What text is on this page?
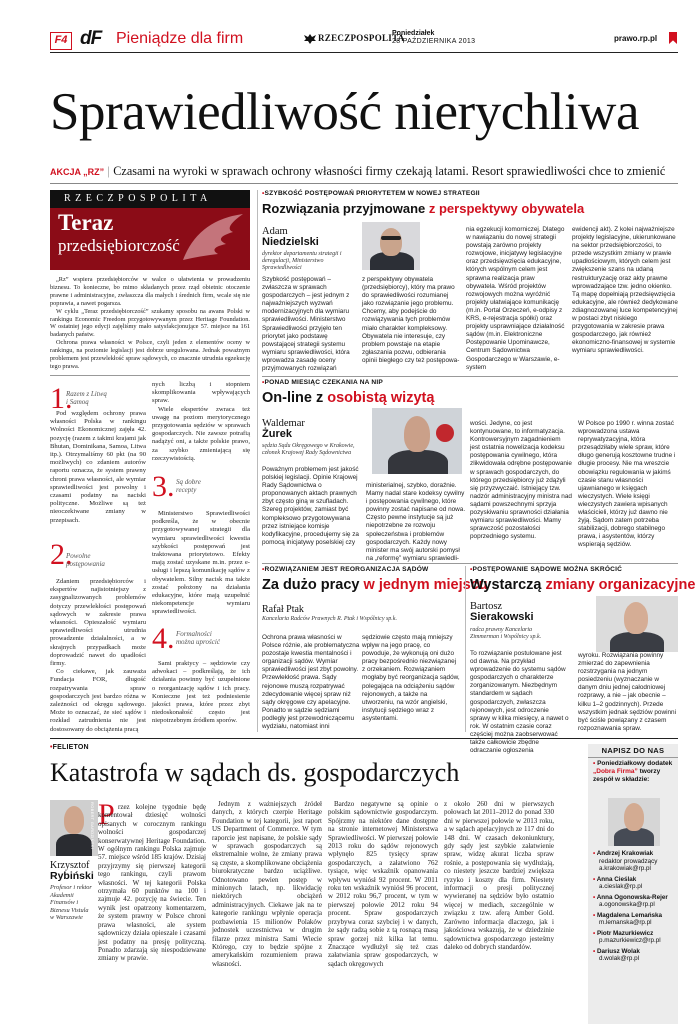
F4 dF Pieniądze dla firm	RZECZPOSPOLITA
Poniedziałek
28 PAŹDZIERNIKA 2013	prawo.rp.pl
Sprawiedliwość nierychliwa
AKCJA „RZ” | Czasami na wyroki w sprawach ochrony własności firmy czekają latami. Resort sprawiedliwości chce to zmienić
RZECZPOSPOLITA
Teraz
przedsiębiorczość

„Rz” wspiera przedsiębiorców w walce o ułatwienia w prowadzeniu biznesu. To konieczne, bo mimo składanych przez rząd obietnic otoczenie prawne i administracyjne, zwłaszcza dla małych i średnich firm, wcale się nie poprawia, a nawet pogarsza.

W cyklu „Teraz przedsiębiorczość” szukamy sposobu na awans Polski w rankingu Economic Freedom przygotowywanym przez Heritage Foundation. W ostatniej jego edycji zajęliśmy mało satysfakcjonujące 57. miejsce na 161 badanych państw.

Ochrona prawa własności w Polsce, czyli jeden z elementów oceny w rankingu, na poziomie legislacji jest dobrze uregulowana. Jednak poważnym problemem jest przewlekłość spraw sądowych, co znacznie utrudnia egzekucję tego prawa.

1.
Razem z Litwą i Samoą
Pod względem ochrony prawa własności Polska w rankingu Wolności Ekonomicznej zajęła 42. pozycję (razem z takimi krajami jak Bhutan, Dominikana, Samoa, Litwa itp.). Otrzymaliśmy 60 pkt (na 90 możliwych) co zdaniem autorów raportu oznacza, że system prawny chroni prawa własności, ale wymiar sprawiedliwości jest powolny i czasami podatny na naciski polityczne. Możliwe są też nieoczekiwane zmiany w przepisach.
2.
Powolne postępowania

Zdaniem przedsiębiorców i ekspertów najistotniejszy z zasygnalizowanych problemów dotyczy przewlekłości postępowań sądowych w zakresie prawa własności. Opieszałość wymiaru sprawiedliwości utrudnia prowadzenie działalności, a w skrajnych przypadkach może doprowadzić nawet do upadłości firmy.

Co ciekawe, jak zauważa Fundacja FOR, długość rozpatrywania spraw gospodarczych jest bardzo różna w zależności od okręgu sądowego. Może to oznaczać, że sieć sądów i rozkład zatrudnienia nie jest dostosowany do obciążenia pracą

nych liczbą i stopniem skomplikowania wpływających spraw.

Wiele ekspertów zwraca też uwagę na poziom merytorycznego przygotowania sędziów w sprawach gospodarczych. Nie zawsze potrafią nadążyć oni, a także polskie prawo, za szybko zmieniającą się rzeczywistością.

3. Są dobre recepty
Ministerstwo Sprawiedliwości podkreśla, że w obecnie przygotowywanej strategii dla wymiaru sprawiedliwości kwestia szybkości postępowań jest traktowana priorytetowo. Efekty mają zostać uzyskane m.in. przez e-usługi i lepszą komunikację sądów z obywatelem. Silny nacisk ma także zostać położony na działania edukacyjne, które mają uzupełnić niekompetencje wymiaru sprawiedliwości.
4. Formalności można uprościć
Sami praktycy – sędziowie czy adwokaci – podkreślają, że ich działania powinny być uzupełnione o reorganizację sądów i ich pracy. Konieczne jest też podniesienie jakości prawa, które przez zbyt niedoskonałość często jest niepotrzebnym źródłem sporów.
•SZYBKOŚĆ POSTĘPOWAŃ PRIORYTETEM W NOWEJ STRATEGII
Rozwiązania przyjmowane z perspektywy obywatela
Adam
Niedzielski
dyrektor departamentu strategii i deregulacji, Ministerstwo Sprawiedliwości
Szybkość postępowań – zwłaszcza w sprawach gospodarczych – jest jednym z najważniejszych wyzwań modernizacyjnych dla wymiaru sprawiedliwości. Ministerstwo Sprawiedliwości przyjęło ten priorytet jako podstawę powstającej strategii systemu wymiaru sprawiedliwości, która wprowadza zasadę oceny przyjmowanych rozwiązań
z perspektywy obywatela (przedsiębiorcy), który ma prawo do sprawiedliwości rozumianej jako rozwiązanie jego problemu. Chcemy, aby podejście do rozwiązywania tych problemów miało charakter kompleksowy. Obywatela nie interesuje, czy problem powstaje na etapie zgłaszania pozwu, odbierania opinii biegłego czy też postępowa-
nia egzekucji komorniczej. Dlatego w nawiązaniu do nowej strategii powstają zarówno projekty rozwojowe, inicjatywy legislacyjne oraz przedsięwzięcia edukacyjne, których wspólnym celem jest sprawna realizacja praw obywatela. Wśród projektów rozwojowych można wyróżnić projekty ułatwiające komunikację (m.in. Portal Orzeczeń, e-odpisy z KRS, e-rejestracja spółki) oraz projekty usprawniające działalność sądów (m.in. Elektroniczne Postępowanie Upominawcze, Centrum Sądownictwa Gospodarczego w Warszawie, e-system
ewidencji akt). Z kolei najważniejsze projekty legislacyjne, ukierunkowane na sektor przedsiębiorczości, to przede wszystkim zmiany w prawie upadłościowym, których celem jest zwiększenie szans na udaną restrukturyzację oraz akty prawne wprowadzające tzw. jedno okienko. Tą mapę dopełniają przedsięwzięcia edukacyjne, ale również dedykowane zdiagnozowanej luce kompetencyjnej w postaci zbyt niskiego przygotowania w zakresie prawa gospodarczego, jak również ekonomiczno-finansowej w systemie wymiaru sprawiedliwości.
•PONAD MIESIĄC CZEKANIA NA NIP
On-line z osobistą wizytą
Waldemar
Żurek
sędzia Sądu Okręgowego w Krakowie, członek Krajowej Rady Sądownictwa
Poważnym problemem jest jakość polskiej legislacji. Opinie Krajowej Rady Sądownictwa o proponowanych aktach prawnych zbyt często giną w szufladach. Szereg projektów, zamiast być kompleksowo przygotowywana przez istniejące komisje kodyfikacyjne, procedujemy się za pomocą inicjatywy poselskiej czy
ministerialnej, szybko, doraźnie. Mamy nadal stare kodeksy cywilny i postępowania cywilnego, które powinny zostać napisane od nowa. Często pewne instytucje są już niepotrzebne ze rozwoju społeczeństwa i problemów gospodarczych. Każdy nowy minister ma swój autorski pomysł na „reformę” wymiaru sprawiedli-
wości. Jedyne, co jest kontynuowane, to informatyzacja. Kontrowersyjnym zagadnieniem jest ostatnia nowelizacja kodeksu postępowania cywilnego, która zlikwidowała odrębne postępowanie w sprawach gospodarczych, do którego przedsiębiorcy już zdążyli się przyzwyczaić. Istniejący tzw. nadzór administracyjny ministra nad sądami powszechnymi sprzyja pozyskiwaniu sprawności działania wymiaru sprawiedliwości. Mamy sprawczość pozostałości poprzedniego systemu.
W Polsce po 1990 r. winna zostać wprowadzona ustawa reprywatyzacyjna, która przesądziłaby wiele spraw, które długo generują kosztowne trudne i długie procesy. Nie ma wreszcie obowiązku regulowania w jakimś czasie stanu własności ujawnianego w księgach wieczystych. Wiele księgi wieczystych zawiera wpisanych właścicieli, którzy już dawno nie żyją. Sądom zatem potrzeba stabilizacji, dobrego stabilnego prawa, i asystentów, którzy wspierają sędziów.
•ROZWIĄZANIEM JEST REORGANIZACJA SĄDÓW
Za dużo pracy w jednym miejscu
Rafał Ptak
Kancelaria Radców Prawnych R. Ptak i Wspólnicy sp.k.
Ochrona prawa własności w Polsce różnie, ale problematyczna pozostaje kwestia mentalności i organizacji sądów. Wymiar sprawiedliwości jest zbyt powolny. Przewlekłość prawa. Sądy rejonowe muszą rozpatrywać zdecydowanie więcej spraw niż sądy okręgowe czy apelacyjne. Ponadto w sądzie sędziami podległy jest przewodniczącemu wydziału, natomiast inni
sędziowie często mają mniejszy wpływ na jego pracę, co powoduje, że wykonują oni dużo pracy bezpośrednio niezwiązanej z orzekaniem. Rozwiązaniem mogłaby być reorganizacja sądów, polegająca na odciążeniu sądów rejonowych, a także na utworzeniu, na wzór angielski, instytucji sędziego wraz z asystentami.
•POSTĘPOWANIE SĄDOWE MOŻNA SKRÓCIĆ
Wystarczą zmiany organizacyjne
Bartosz
Sierakowski
radca prawny Kancelaria Zimmerman i Wspólnicy sp.k.
To rozwiązanie postulowane jest od dawna. Na przykład wprowadzenie do systemu sądów gospodarczych o charakterze zorganizowanym. Niezbędnym standardem w sądach gospodarczych, zwłaszcza rejonowych, jest odroczenie sprawy w kilka miesięcy, a nawet o rok. W ostatnim czasie coraz częściej można zaobserwować także całkowicie zbędne odraczanie ogłoszenia
wyroku. Rozwiązania powinny zmierzać do zapewnienia rozstrzygania na jednym posiedzeniu (wyznaczanie w danym dniu jednej całodniowej rozprawy, a nie – jak obecnie – kilku 1–2 godzinnych). Przede wszystkim jednak sędziów powinni być ściśle powiązany z czasem rozpoznawania spraw.
•FELIETON
Katastrofa w sądach ds. gospodarczych
ROBERT GARDZIŃSKI
Krzysztof
Rybiński
Profesor i rektor Akademii Finansów i Biznesu Vistula w Warszawie
P rzez kolejne tygodnie będę komentował dziesięć wolności opisanych w corocznym rankingu wolności gospodarczej konserwatywnej Heritage Foundation. W ogólnym rankingu Polska zajmuje 57. miejsce wśród 185 krajów. Dzisiaj przyjrzymy się pierwszej kategorii tego rankingu, czyli prawom własności. W tej kategorii Polska otrzymała 60 punktów na 100 i zajmuje 42. pozycję na świecie. Ten wynik jest opatrzony komentarzem, że system prawny w Polsce chroni prawa własności, ale system sądowniczy działa opieszale i czasami jest podatny na presję polityczną. Ponadto zdarzają się niespodziewane zmiany w prawie.
Jednym z ważniejszych źródeł danych, z których czerpie Heritage Foundation w tej kategorii, jest raport US Department of Commerce. W tym raporcie jest napisane, że polskie sądy w sprawach gospodarczych są ekstremalnie wolne, że zmiany prawa są częste, a skomplikowane obciążenia biurokratyczne bardzo uciążliwe. Odnotowano pewien postęp w minionych latach, np. likwidację niektórych obciążeń administracyjnych. Ciekawe jak na te kategorie rankingu wpłynie operacja pozbawienia 15 milionów Polaków jednostek uczestnictwa w drugim filarze przez ministra Sami Wiecie Którego, czy to będzie spójne z amerykańskim rozumieniem prawa własności.
Bardzo negatywne są opinie o polskim sądownictwie gospodarczym. Spójrzmy na niektóre dane dostępne na stronie internetowej Ministerstwa Sprawiedliwości. W pierwszej połowie 2013 roku do sądów rejonowych wpłynęło 825 tysięcy spraw gospodarczych, a załatwiono 762 tysiące, więc wskaźnik opanowania wpływu wyniósł 92 procent. W 2011 roku ten wskaźnik wyniósł 96 procent, w 2012 roku 96,7 procent, w tym w pierwszej połowie 2012 roku 94 procent. Spraw gospodarczych przybywa coraz szybciej i w danych, że sądy radzą sobie z tą rosnącą masą spraw gorzej niż kilka lat temu. Znaczące wydłużył się też czas załatwiania spraw gospodarczych, w sądach okręgowych
z około 260 dni w pierwszych połowach lat 2011–2012 do ponad 330 dni w pierwszej połowie w 2013 roku, a w sądach apelacyjnych ze 117 dni do 148 dni. W czasach dekoniunktury, gdy sądy jest szybkie załatwienie spraw, widzę akurat liczba spraw rośnie, a postępowania się wydłużają, co niestety jeszcze bardziej zwiększa ryzyko i koszty dla firm. Niestety informacji o presji politycznej wywieranej na sędziów było ostatnio więcej w mediach, szczególnie w związku z tzw. aferą Amber Gold. Zarówno informacja dlaczego, jak i jakościowa wskazują, że w dziedzinie sądownictwa gospodarczego jesteśmy daleko od dobrych standardów.
NAPISZ DO NAS
• Poniedziałkowy dodatek „Dobra Firma” tworzy zespół w składzie:
• Andrzej Krakowiak
redaktor prowadzący
a.krakowiak@rp.pl
• Anna Cieślak
a.cieslak@rp.pl
• Anna Ogonowska-Rejer
a.ogonowska@rp.pl
• Magdalena Lemańska
m.lemanska@rp.pl
• Piotr Mazurkiewicz
p.mazurkiewicz@rp.pl
• Dariusz Wolak
d.wolak@rp.pl
